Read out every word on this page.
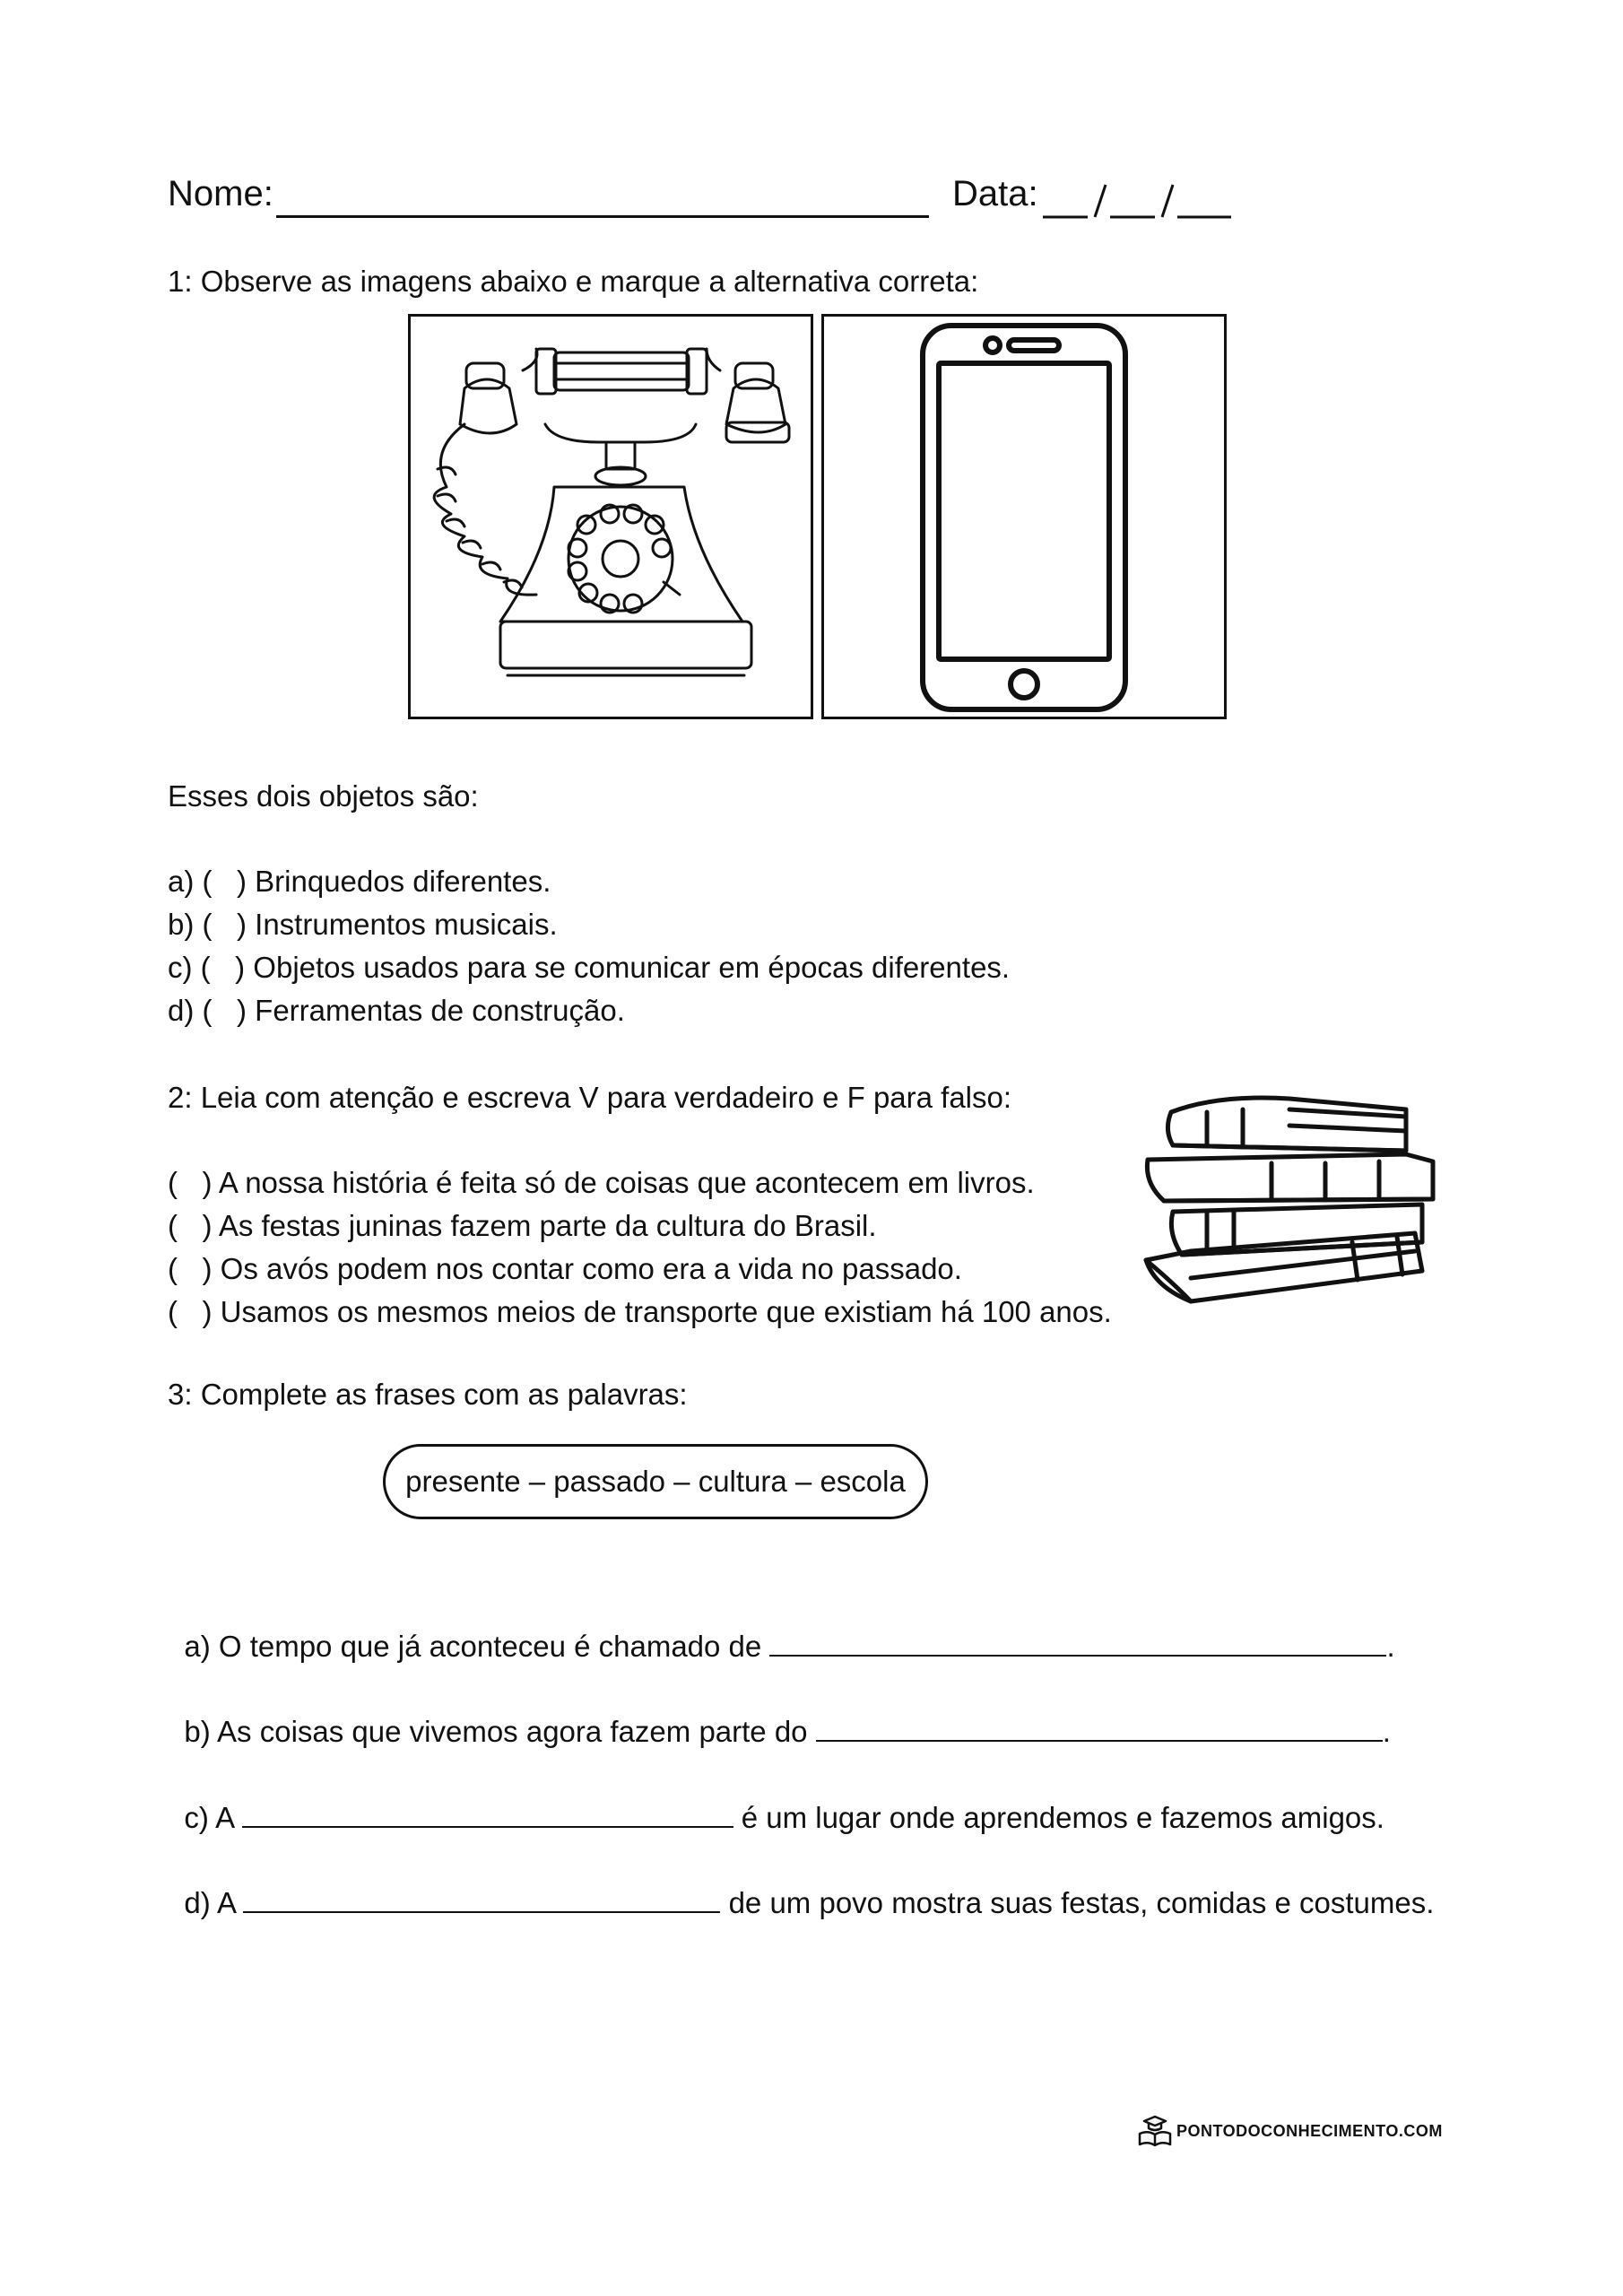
Nome:	Data:
1: Observe as imagens abaixo e marque a alternativa correta:
Esses dois objetos são:
a) (   ) Brinquedos diferentes.
b) (   ) Instrumentos musicais.
c) (   ) Objetos usados para se comunicar em épocas diferentes.
d) (   ) Ferramentas de construção.
2: Leia com atenção e escreva V para verdadeiro e F para falso:
(   ) A nossa história é feita só de coisas que acontecem em livros.
(   ) As festas juninas fazem parte da cultura do Brasil.
(   ) Os avós podem nos contar como era a vida no passado.
(   ) Usamos os mesmos meios de transporte que existiam há 100 anos.
3: Complete as frases com as palavras:
presente – passado – cultura – escola

a) O tempo que já aconteceu é chamado de	.

b) As coisas que vivemos agora fazem parte do	.

c) A	é um lugar onde aprendemos e fazemos amigos.

d) A	de um povo mostra suas festas, comidas e costumes.

PONTODOCONHECIMENTO.COM
